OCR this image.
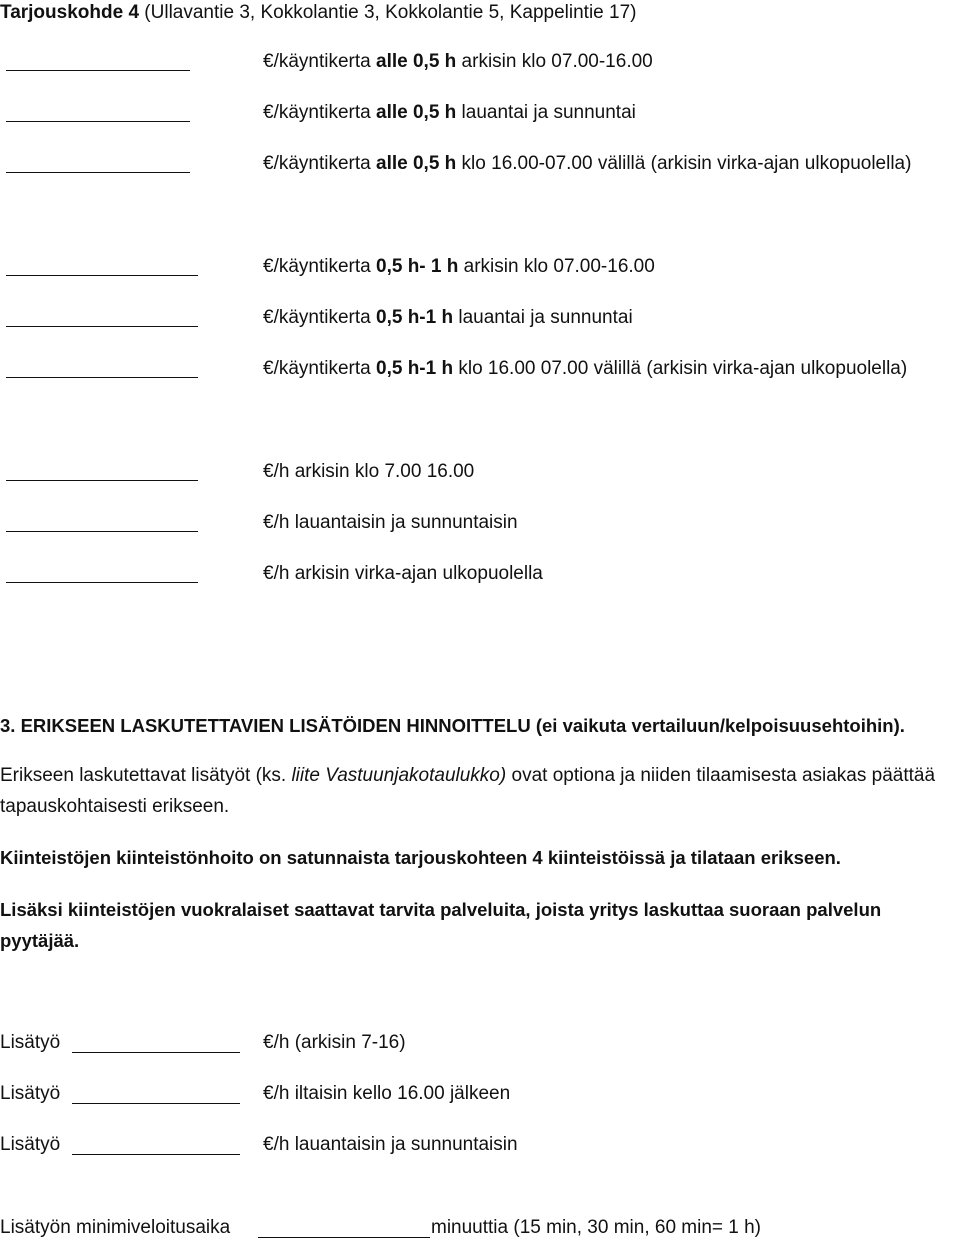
Tarjouskohde 4 (Ullavantie 3, Kokkolantie 3, Kokkolantie 5, Kappelintie 17)
€/käyntikerta alle 0,5 h arkisin klo 07.00-16.00
€/käyntikerta alle 0,5 h lauantai ja sunnuntai
€/käyntikerta alle 0,5 h klo 16.00-07.00 välillä (arkisin virka-ajan ulkopuolella)
€/käyntikerta 0,5 h- 1 h arkisin klo 07.00-16.00
€/käyntikerta 0,5 h-1 h lauantai ja sunnuntai
€/käyntikerta 0,5 h-1 h klo 16.00 07.00 välillä (arkisin virka-ajan ulkopuolella)
€/h arkisin klo 7.00 16.00
€/h lauantaisin ja sunnuntaisin
€/h arkisin virka-ajan ulkopuolella
3. ERIKSEEN LASKUTETTAVIEN LISÄTÖIDEN HINNOITTELU (ei vaikuta vertailuun/kelpoisuusehtoihin).
Erikseen laskutettavat lisätyöt (ks. liite Vastuunjakotaulukko) ovat optiona ja niiden tilaamisesta asiakas päättää tapauskohtaisesti erikseen.
Kiinteistöjen kiinteistönhoito on satunnaista tarjouskohteen 4 kiinteistöissä ja tilataan erikseen.
Lisäksi kiinteistöjen vuokralaiset saattavat tarvita palveluita, joista yritys laskuttaa suoraan palvelun pyytäjää.
Lisätyö	€/h (arkisin 7-16)
Lisätyö	€/h iltaisin kello 16.00 jälkeen
Lisätyö	€/h lauantaisin ja sunnuntaisin
Lisätyön minimiveloitusaika	minuuttia (15 min, 30 min, 60 min= 1 h)
